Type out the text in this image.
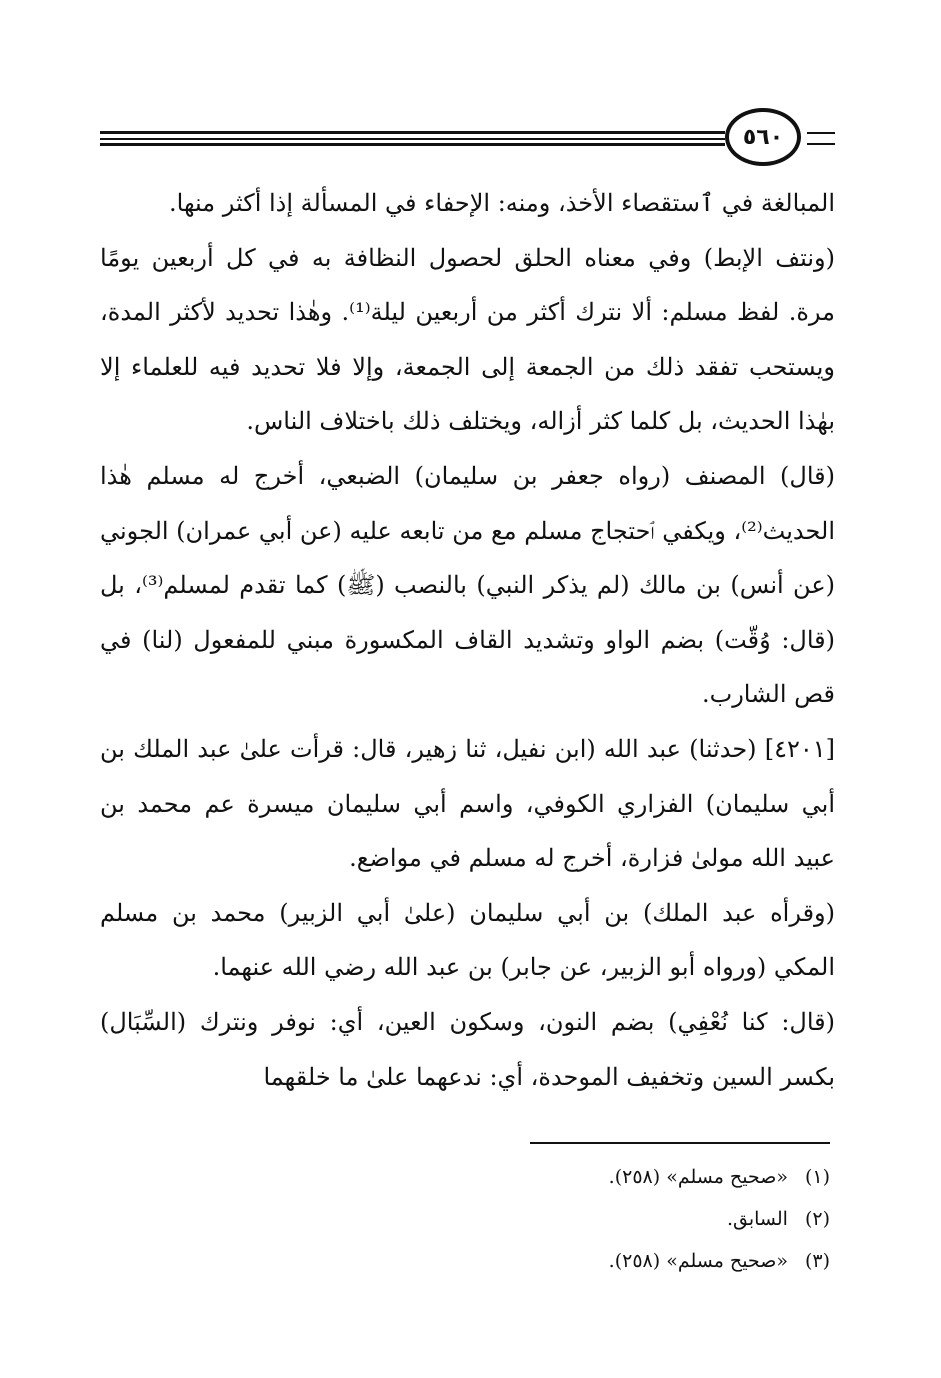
٥٦٠

المبالغة في ٱستقصاء الأخذ، ومنه: الإحفاء في المسألة إذا أكثر منها.

(ونتف الإبط) وفي معناه الحلق لحصول النظافة به في كل أربعين يومًا مرة. لفظ مسلم: ألا نترك أكثر من أربعين ليلة⁽¹⁾. وهٰذا تحديد لأكثر المدة، ويستحب تفقد ذلك من الجمعة إلى الجمعة، وإلا فلا تحديد فيه للعلماء إلا بهٰذا الحديث، بل كلما كثر أزاله، ويختلف ذلك باختلاف الناس.

(قال) المصنف (رواه جعفر بن سليمان) الضبعي، أخرج له مسلم هٰذا الحديث⁽²⁾، ويكفي ٱحتجاج مسلم مع من تابعه عليه (عن أبي عمران) الجوني (عن أنس) بن مالك (لم يذكر النبي) بالنصب (ﷺ) كما تقدم لمسلم⁽³⁾، بل (قال: وُقّت) بضم الواو وتشديد القاف المكسورة مبني للمفعول (لنا) في قص الشارب.

[٤٢٠١] (حدثنا) عبد الله (ابن نفيل، ثنا زهير، قال: قرأت علىٰ عبد الملك بن أبي سليمان) الفزاري الكوفي، واسم أبي سليمان ميسرة عم محمد بن عبيد الله مولىٰ فزارة، أخرج له مسلم في مواضع.

(وقرأه عبد الملك) بن أبي سليمان (علىٰ أبي الزبير) محمد بن مسلم المكي (ورواه أبو الزبير، عن جابر) بن عبد الله رضي الله عنهما.

(قال: كنا نُعْفِي) بضم النون، وسكون العين، أي: نوفر ونترك (السِّبَال) بكسر السين وتخفيف الموحدة، أي: ندعهما علىٰ ما خلقهما

(١) «صحيح مسلم» (٢٥٨).
(٢) السابق.
(٣) «صحيح مسلم» (٢٥٨).
